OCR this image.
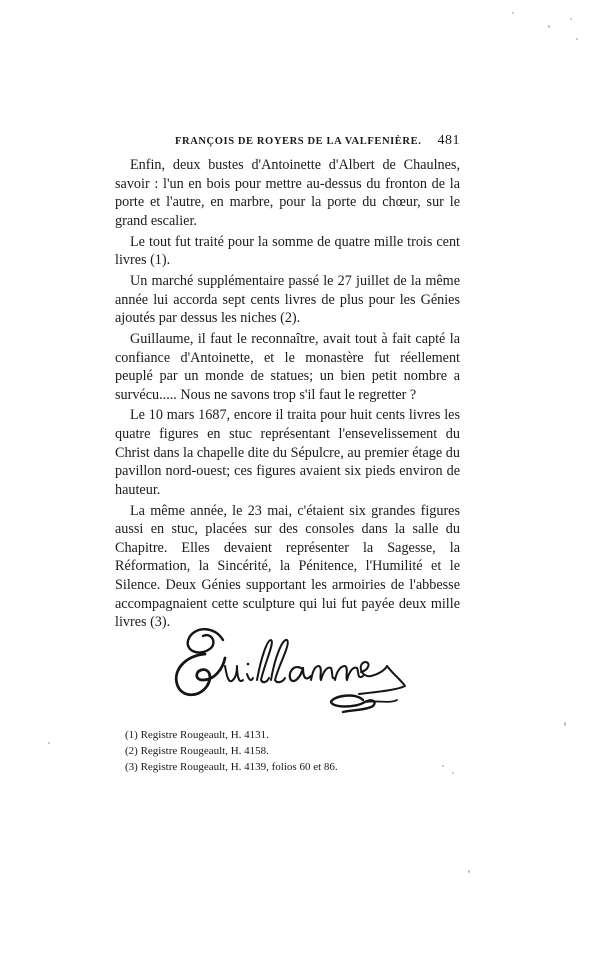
FRANÇOIS DE ROYERS DE LA VALFENIÈRE. 481

Enfin, deux bustes d'Antoinette d'Albert de Chaulnes, savoir : l'un en bois pour mettre au-dessus du fronton de la porte et l'autre, en marbre, pour la porte du chœur, sur le grand escalier.

Le tout fut traité pour la somme de quatre mille trois cent livres (1).

Un marché supplémentaire passé le 27 juillet de la même année lui accorda sept cents livres de plus pour les Génies ajoutés par dessus les niches (2).

Guillaume, il faut le reconnaître, avait tout à fait capté la confiance d'Antoinette, et le monastère fut réellement peuplé par un monde de statues; un bien petit nombre a survécu..... Nous ne savons trop s'il faut le regretter ?

Le 10 mars 1687, encore il traita pour huit cents livres les quatre figures en stuc représentant l'ensevelissement du Christ dans la chapelle dite du Sépulcre, au premier étage du pavillon nord-ouest; ces figures avaient six pieds environ de hauteur.

La même année, le 23 mai, c'étaient six grandes figures aussi en stuc, placées sur des consoles dans la salle du Chapitre. Elles devaient représenter la Sagesse, la Réformation, la Sincérité, la Pénitence, l'Humilité et le Silence. Deux Génies supportant les armoiries de l'abbesse accompagnaient cette sculpture qui lui fut payée deux mille livres (3).

(1) Registre Rougeault, H. 4131.
(2) Registre Rougeault, H. 4158.
(3) Registre Rougeault, H. 4139, folios 60 et 86.
